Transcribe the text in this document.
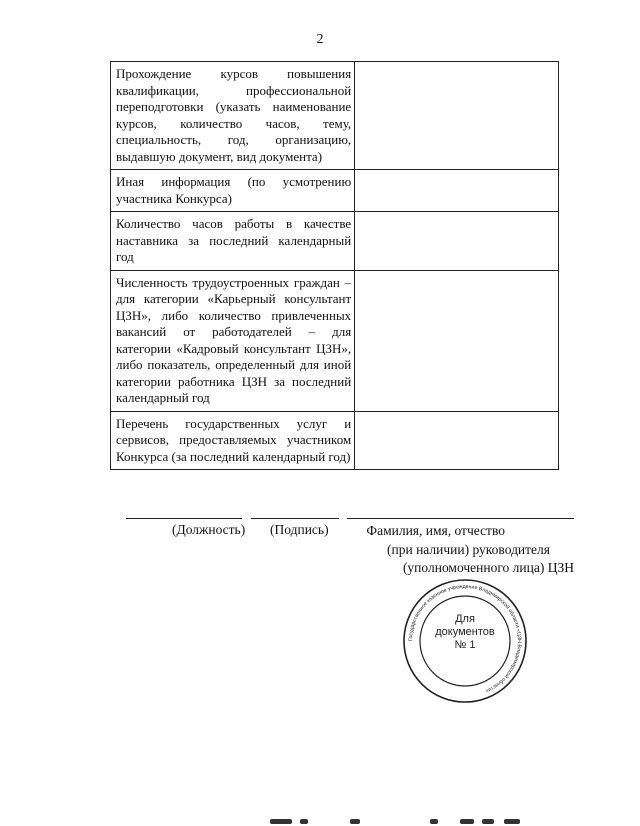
2
Прохождение курсов повышения квалификации, профессиональной переподготовки (указать наименование курсов, количество часов, тему, специальность, год, организацию, выдавшую документ, вид документа)	
Иная информация (по усмотрению участника Конкурса)	
Количество часов работы в качестве наставника за последний календарный год	
Численность трудоустроенных граждан – для категории «Карьерный консультант ЦЗН», либо количество привлеченных вакансий от работодателей – для категории «Кадровый консультант ЦЗН», либо показатель, определенный для иной категории работника ЦЗН за последний календарный год	
Перечень государственных услуг и сервисов, предоставляемых участником Конкурса (за последний календарный год)	
(Должность) (Подпись)	Фамилия, имя, отчество
(при наличии) руководителя
(уполномоченного лица) ЦЗН
Государственное казенное учреждение Владимирской области «ЦЗН Владимирской области»
Для
документов
№ 1
